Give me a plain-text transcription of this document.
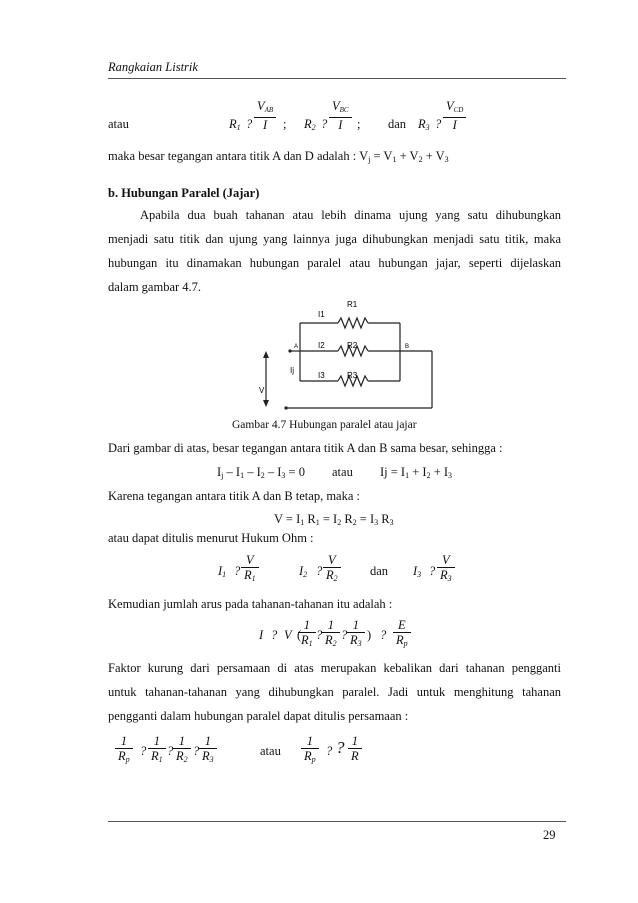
Rangkaian Listrik
atau	$R_1$ ? $\frac{V_{AB}}{I}$ ; $R_2$ ? $\frac{V_{BC}}{I}$ ; dan $R_3$ ? $\frac{V_{CD}}{I}$
maka besar tegangan antara titik A dan D adalah : $V_j = V_1 + V_2 + V_3$
b. Hubungan Paralel (Jajar)
Apabila dua buah tahanan atau lebih dinama ujung yang satu dihubungkan
menjadi satu titik dan ujung yang lainnya juga dihubungkan menjadi satu titik, maka
hubungan itu dinamakan hubungan paralel atau hubungan jajar, seperti dijelaskan
dalam gambar 4.7.
R1
I1
R2
I2
R3
I3
Ij
A	B
V
Gambar 4.7 Hubungan paralel atau jajar
Dari gambar di atas, besar tegangan antara titik A dan B sama besar, sehingga :
$I_j - I_1 - I_2 - I_3 = 0$ atau $Ij = I_1 + I_2 + I_3$
Karena tegangan antara titik A dan B tetap, maka :
$V = I_1$ $R_1 = I_2$ $R_2 = I_3$ $R_3$
atau dapat ditulis menurut Hukum Ohm :
$I_1$ ? $\frac{V}{R_1}$	$I_2$ ? $\frac{V}{R_2}$ dan $I_3$ ? $\frac{V}{R_3}$
Kemudian jumlah arus pada tahanan-tahanan itu adalah :
I ? V (
$\frac{1}{R_1}$ ? $\frac{1}{R_2}$ ? $\frac{1}{R_3}$ ) ? $\frac{E}{R_p}$
Faktor kurung dari persamaan di atas merupakan kebalikan dari tahanan pengganti
untuk tahanan-tahanan yang dihubungkan paralel. Jadi untuk menghitung tahanan
pengganti dalam hubungan paralel dapat ditulis persamaan :
$\frac{1}{R_p}$ ? $\frac{1}{R_1}$ ? $\frac{1}{R_2}$ ? $\frac{1}{R_3}$	atau $\frac{1}{R_p}$ ? ? $\frac{1}{R}$
29
